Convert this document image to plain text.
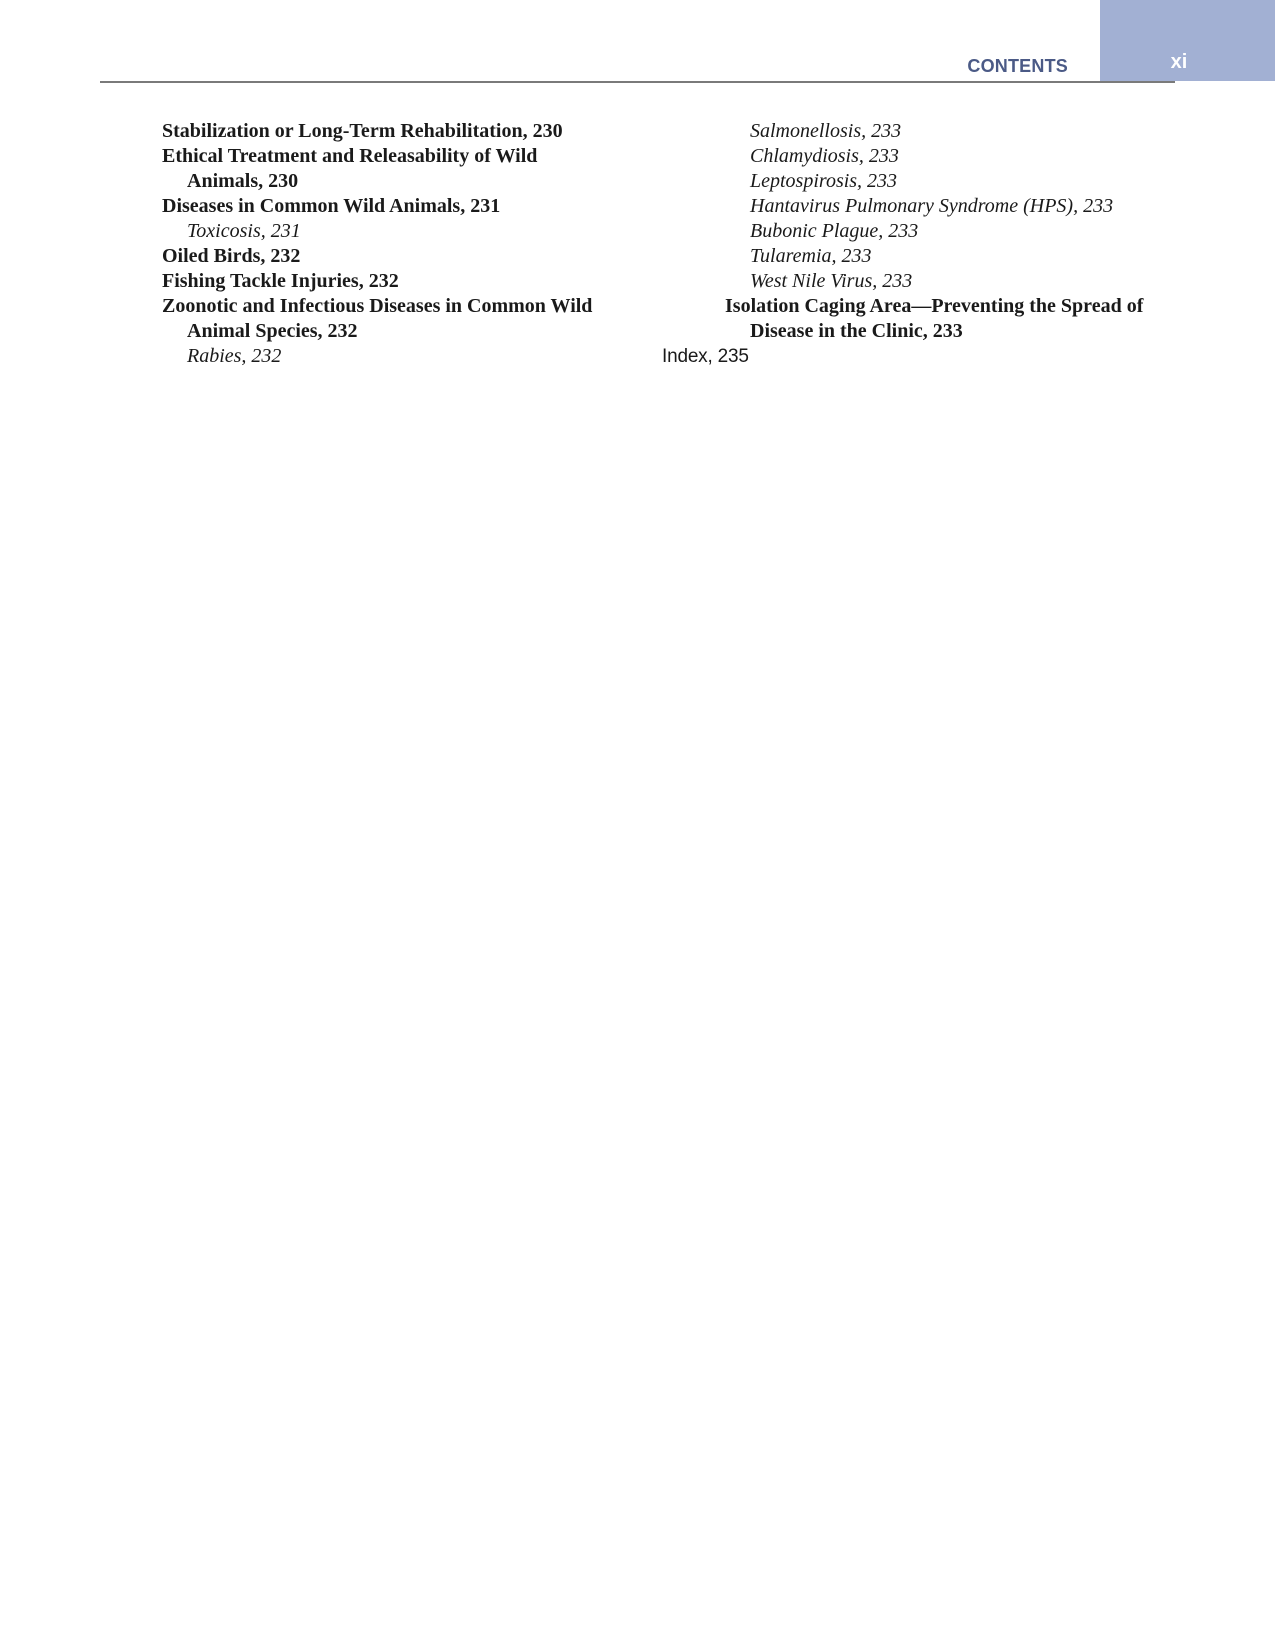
xi
CONTENTS
Stabilization or Long-Term Rehabilitation, 230
Ethical Treatment and Releasability of Wild
Animals, 230
Diseases in Common Wild Animals, 231
Toxicosis, 231
Oiled Birds, 232
Fishing Tackle Injuries, 232
Zoonotic and Infectious Diseases in Common Wild
Animal Species, 232
Rabies, 232
Salmonellosis, 233
Chlamydiosis, 233
Leptospirosis, 233
Hantavirus Pulmonary Syndrome (HPS), 233
Bubonic Plague, 233
Tularemia, 233
West Nile Virus, 233
Isolation Caging Area—Preventing the Spread of
Disease in the Clinic, 233
Index, 235
